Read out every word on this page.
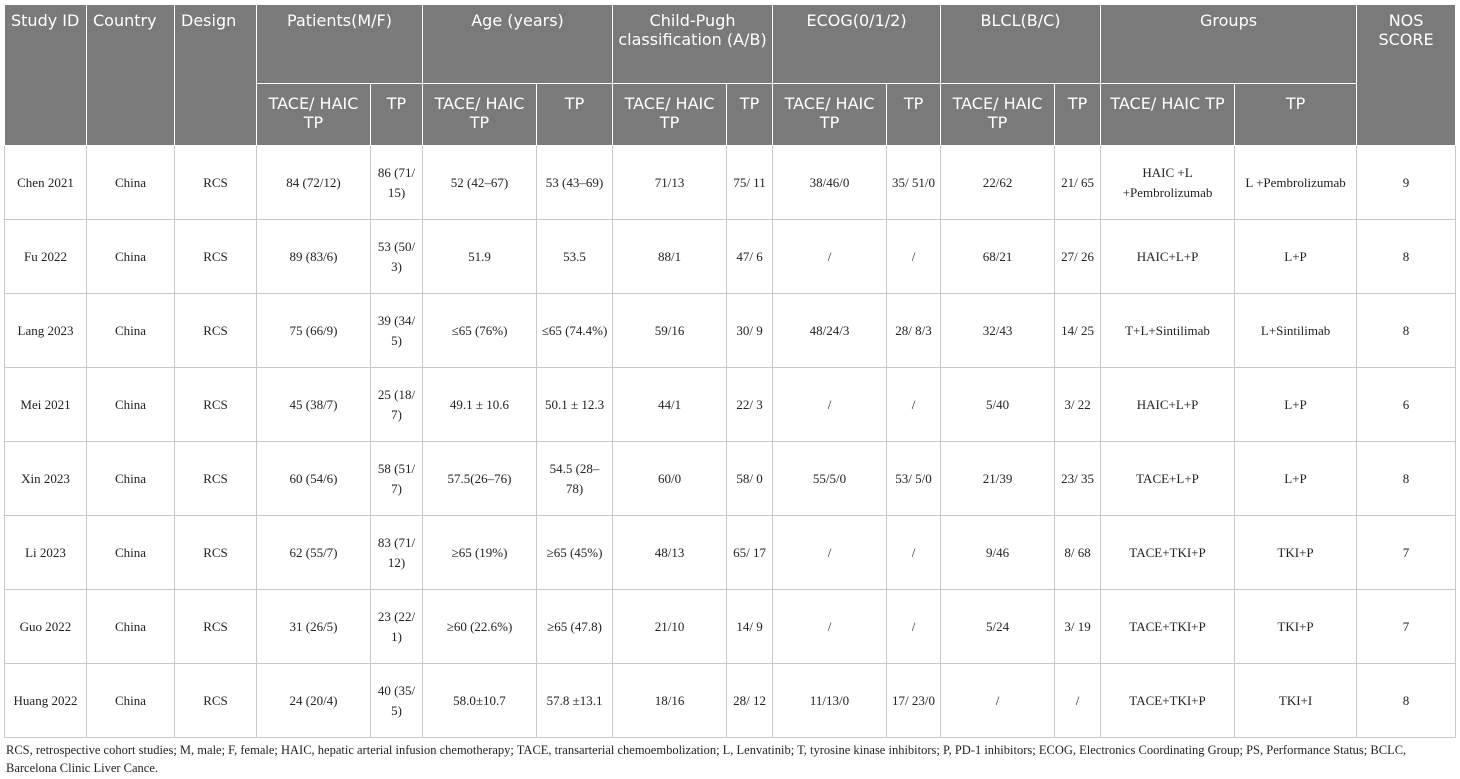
Study ID	Country	Design	Patients(M/F)		Age (years)		Child-Pugh classification (A/B)		ECOG(0/1/2)		BLCL(B/C)		Groups		NOS SCORE
			TACE/ HAIC TP	TP	TACE/ HAIC TP	TP	TACE/ HAIC TP	TP	TACE/ HAIC TP	TP	TACE/ HAIC TP	TP	TACE/ HAIC TP	TP	
Chen 2021	China	RCS	84 (72/12)	86 (71/ 15)	52 (42–67)	53 (43–69)	71/13	75/ 11	38/46/0	35/ 51/0	22/62	21/ 65	HAIC +L +Pembrolizumab	L +Pembrolizumab	9
Fu 2022	China	RCS	89 (83/6)	53 (50/ 3)	51.9	53.5	88/1	47/ 6	/	/	68/21	27/ 26	HAIC+L+P	L+P	8
Lang 2023	China	RCS	75 (66/9)	39 (34/ 5)	≤65 (76%)	≤65 (74.4%)	59/16	30/ 9	48/24/3	28/ 8/3	32/43	14/ 25	T+L+Sintilimab	L+Sintilimab	8
Mei 2021	China	RCS	45 (38/7)	25 (18/ 7)	49.1 ± 10.6	50.1 ± 12.3	44/1	22/ 3	/	/	5/40	3/ 22	HAIC+L+P	L+P	6
Xin 2023	China	RCS	60 (54/6)	58 (51/ 7)	57.5(26–76)	54.5 (28–78)	60/0	58/ 0	55/5/0	53/ 5/0	21/39	23/ 35	TACE+L+P	L+P	8
Li 2023	China	RCS	62 (55/7)	83 (71/ 12)	≥65 (19%)	≥65 (45%)	48/13	65/ 17	/	/	9/46	8/ 68	TACE+TKI+P	TKI+P	7
Guo 2022	China	RCS	31 (26/5)	23 (22/ 1)	≥60 (22.6%)	≥65 (47.8)	21/10	14/ 9	/	/	5/24	3/ 19	TACE+TKI+P	TKI+P	7
Huang 2022	China	RCS	24 (20/4)	40 (35/ 5)	58.0±10.7	57.8 ±13.1	18/16	28/ 12	11/13/0	17/ 23/0	/	/	TACE+TKI+P	TKI+I	8
RCS, retrospective cohort studies; M, male; F, female; HAIC, hepatic arterial infusion chemotherapy; TACE, transarterial chemoembolization; L, Lenvatinib; T, tyrosine kinase inhibitors; P, PD-1 inhibitors; ECOG, Electronics Coordinating Group; PS, Performance Status; BCLC, Barcelona Clinic Liver Cance.
